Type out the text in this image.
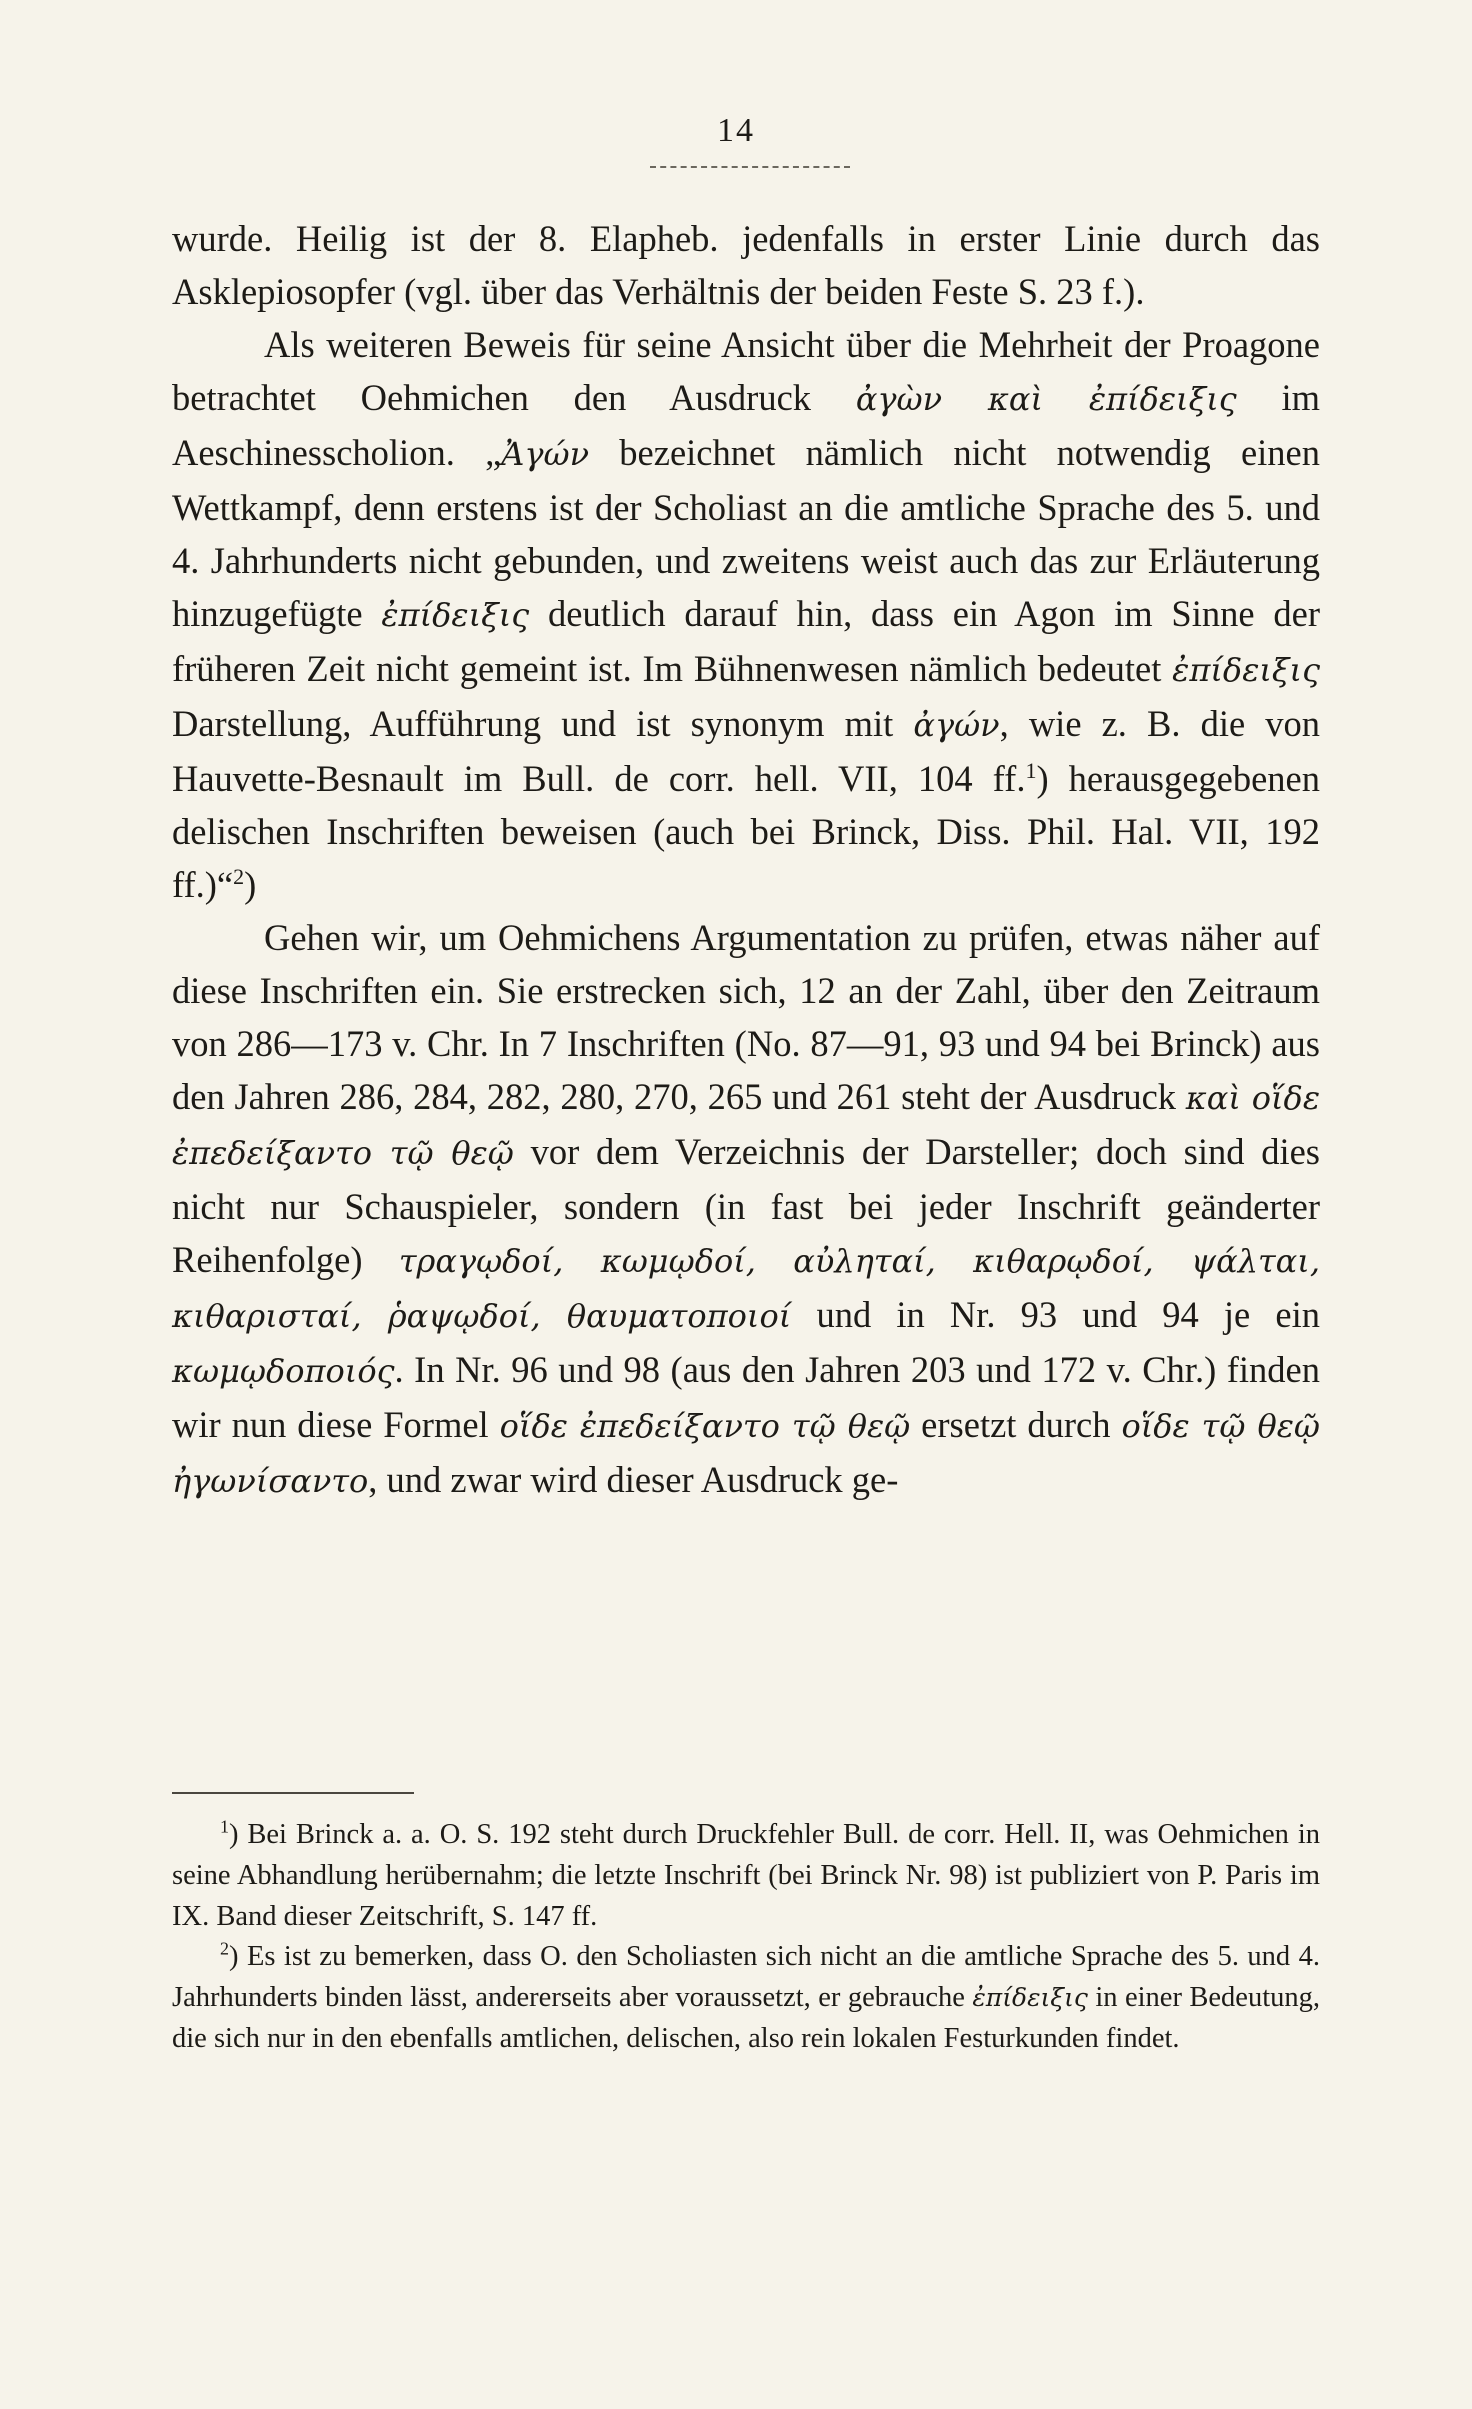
14

wurde. Heilig ist der 8. Elapheb. jedenfalls in erster Linie durch das Asklepiosopfer (vgl. über das Verhältnis der beiden Feste S. 23 f.).

Als weiteren Beweis für seine Ansicht über die Mehrheit der Proagone betrachtet Oehmichen den Ausdruck ἀγὼν καὶ ἐπίδειξις im Aeschinesscholion. „Ἀγών bezeichnet nämlich nicht notwendig einen Wettkampf, denn erstens ist der Scholiast an die amtliche Sprache des 5. und 4. Jahrhunderts nicht gebunden, und zweitens weist auch das zur Erläuterung hinzugefügte ἐπίδειξις deutlich darauf hin, dass ein Agon im Sinne der früheren Zeit nicht gemeint ist. Im Bühnenwesen nämlich bedeutet ἐπίδειξις Darstellung, Aufführung und ist synonym mit ἀγών, wie z. B. die von Hauvette-Besnault im Bull. de corr. hell. VII, 104 ff.$^1$) herausgegebenen delischen Inschriften beweisen (auch bei Brinck, Diss. Phil. Hal. VII, 192 ff.)“$^2$)

Gehen wir, um Oehmichens Argumentation zu prüfen, etwas näher auf diese Inschriften ein. Sie erstrecken sich, 12 an der Zahl, über den Zeitraum von 286—173 v. Chr. In 7 Inschriften (No. 87—91, 93 und 94 bei Brinck) aus den Jahren 286, 284, 282, 280, 270, 265 und 261 steht der Ausdruck καὶ οἵδε ἐπεδείξαντο τῷ θεῷ vor dem Verzeichnis der Darsteller; doch sind dies nicht nur Schauspieler, sondern (in fast bei jeder Inschrift geänderter Reihenfolge) τραγῳδοί, κωμῳδοί, αὐληταί, κιθαρῳδοί, ψάλται, κιθαρισταί, ῥαψῳδοί, θαυματοποιοί und in Nr. 93 und 94 je ein κωμῳδοποιός. In Nr. 96 und 98 (aus den Jahren 203 und 172 v. Chr.) finden wir nun diese Formel οἵδε ἐπεδείξαντο τῷ θεῷ ersetzt durch οἵδε τῷ θεῷ ἠγωνίσαντο, und zwar wird dieser Ausdruck ge-

$^1$) Bei Brinck a. a. O. S. 192 steht durch Druckfehler Bull. de corr. Hell. II, was Oehmichen in seine Abhandlung herübernahm; die letzte Inschrift (bei Brinck Nr. 98) ist publiziert von P. Paris im IX. Band dieser Zeitschrift, S. 147 ff.

$^2$) Es ist zu bemerken, dass O. den Scholiasten sich nicht an die amtliche Sprache des 5. und 4. Jahrhunderts binden lässt, andererseits aber voraussetzt, er gebrauche ἐπίδειξις in einer Bedeutung, die sich nur in den ebenfalls amtlichen, delischen, also rein lokalen Festurkunden findet.
